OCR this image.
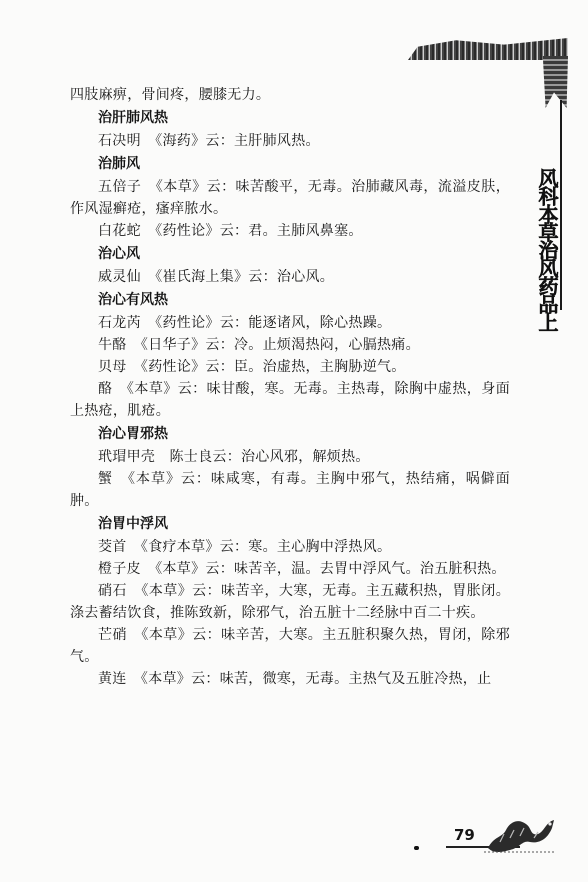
风科本草治风药品上

四肢麻痹，骨间疼，腰膝无力。

治肝肺风热

石决明　《海药》云：主肝肺风热。

治肺风

五倍子　《本草》云：味苦酸平，无毒。治肺藏风毒，流溢皮肤，作风湿癣疮，瘙痒脓水。

白花蛇　《药性论》云：君。主肺风鼻塞。

治心风

威灵仙　《崔氏海上集》云：治心风。

治心有风热

石龙芮　《药性论》云：能逐诸风，除心热躁。

牛酪　《日华子》云：冷。止烦渴热闷，心膈热痛。

贝母　《药性论》云：臣。治虚热，主胸胁逆气。

酪　《本草》云：味甘酸，寒。无毒。主热毒，除胸中虚热，身面上热疮，肌疮。

治心胃邪热

玳瑁甲壳　陈士良云：治心风邪，解烦热。

蟹　《本草》云：味咸寒，有毒。主胸中邪气，热结痛，㖞僻面肿。

治胃中浮风

茭首　《食疗本草》云：寒。主心胸中浮热风。

橙子皮　《本草》云：味苦辛，温。去胃中浮风气。治五脏积热。

硝石　《本草》云：味苦辛，大寒，无毒。主五藏积热，胃胀闭。涤去蓄结饮食，推陈致新，除邪气，治五脏十二经脉中百二十疾。

芒硝　《本草》云：味辛苦，大寒。主五脏积聚久热，胃闭，除邪气。

黄连　《本草》云：味苦，微寒，无毒。主热气及五脏冷热，止

79
